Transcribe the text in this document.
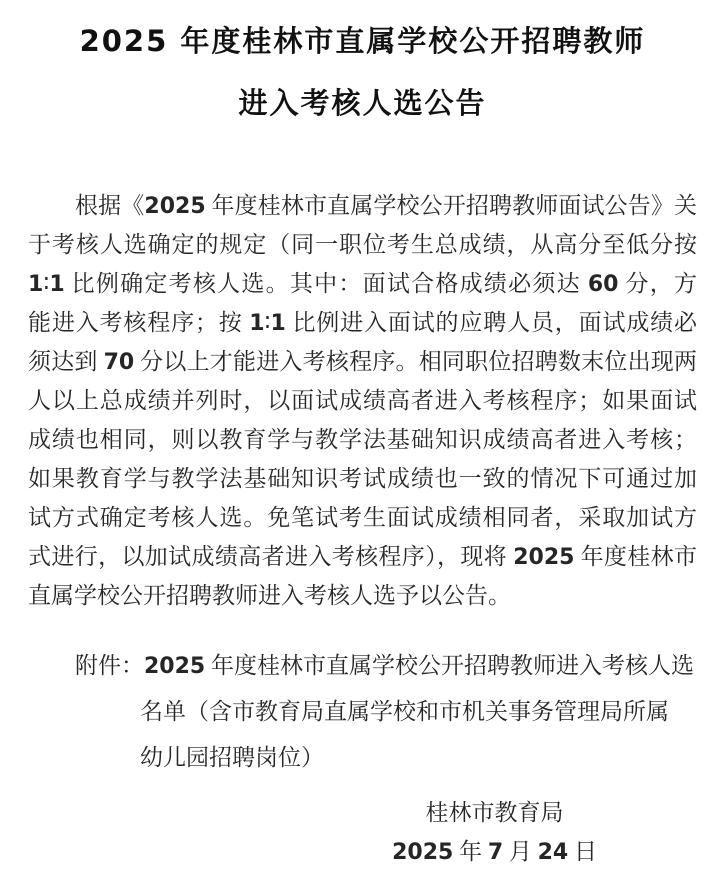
2025 年度桂林市直属学校公开招聘教师
进入考核人选公告
根据《2025 年度桂林市直属学校公开招聘教师面试公告》关
于考核人选确定的规定（同一职位考生总成绩，从高分至低分按
1∶1 比例确定考核人选。其中：面试合格成绩必须达 60 分，方
能进入考核程序；按 1∶1 比例进入面试的应聘人员，面试成绩必
须达到 70 分以上才能进入考核程序。相同职位招聘数末位出现两
人以上总成绩并列时，以面试成绩高者进入考核程序；如果面试
成绩也相同，则以教育学与教学法基础知识成绩高者进入考核；
如果教育学与教学法基础知识考试成绩也一致的情况下可通过加
试方式确定考核人选。免笔试考生面试成绩相同者，采取加试方
式进行，以加试成绩高者进入考核程序），现将 2025 年度桂林市
直属学校公开招聘教师进入考核人选予以公告。
附件：2025 年度桂林市直属学校公开招聘教师进入考核人选
名单（含市教育局直属学校和市机关事务管理局所属
幼儿园招聘岗位）
桂林市教育局
2025 年 7 月 24 日
